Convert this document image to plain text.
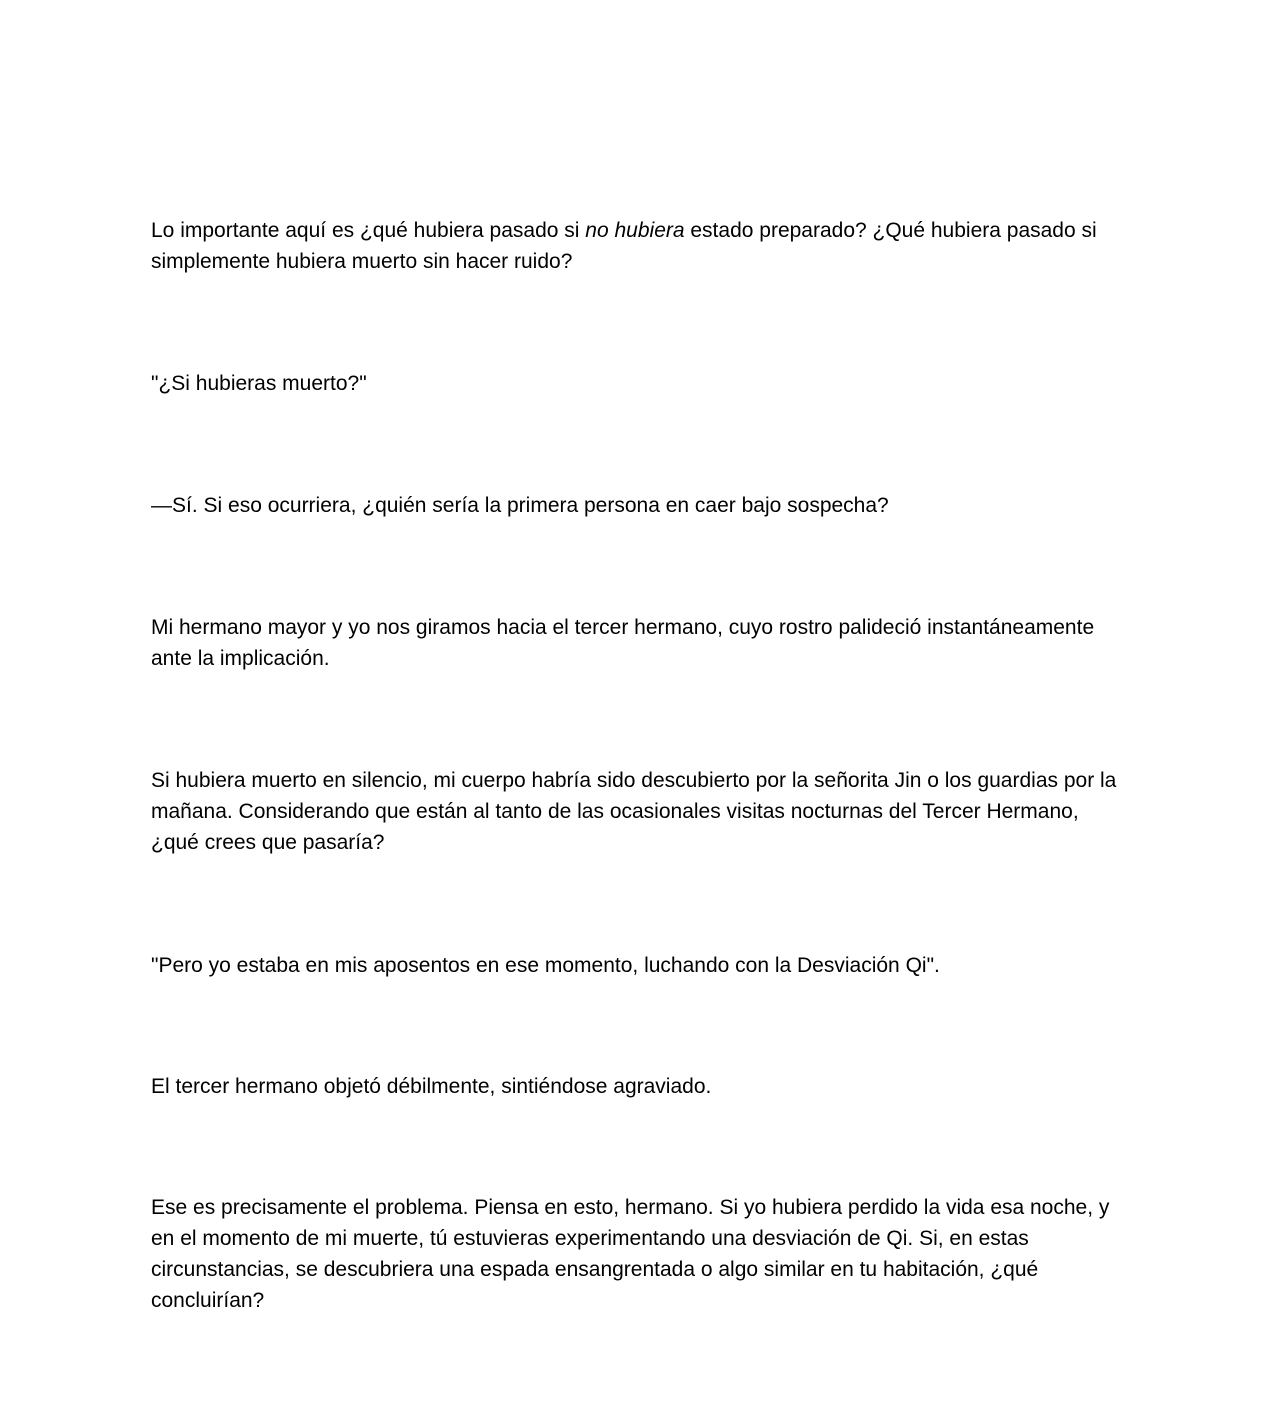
Lo importante aquí es ¿qué hubiera pasado si no hubiera estado preparado? ¿Qué hubiera pasado si simplemente hubiera muerto sin hacer ruido?

"¿Si hubieras muerto?"

—Sí. Si eso ocurriera, ¿quién sería la primera persona en caer bajo sospecha?

Mi hermano mayor y yo nos giramos hacia el tercer hermano, cuyo rostro palideció instantáneamente ante la implicación.

Si hubiera muerto en silencio, mi cuerpo habría sido descubierto por la señorita Jin o los guardias por la mañana. Considerando que están al tanto de las ocasionales visitas nocturnas del Tercer Hermano, ¿qué crees que pasaría?

"Pero yo estaba en mis aposentos en ese momento, luchando con la Desviación Qi".

El tercer hermano objetó débilmente, sintiéndose agraviado.

Ese es precisamente el problema. Piensa en esto, hermano. Si yo hubiera perdido la vida esa noche, y en el momento de mi muerte, tú estuvieras experimentando una desviación de Qi. Si, en estas circunstancias, se descubriera una espada ensangrentada o algo similar en tu habitación, ¿qué concluirían?
